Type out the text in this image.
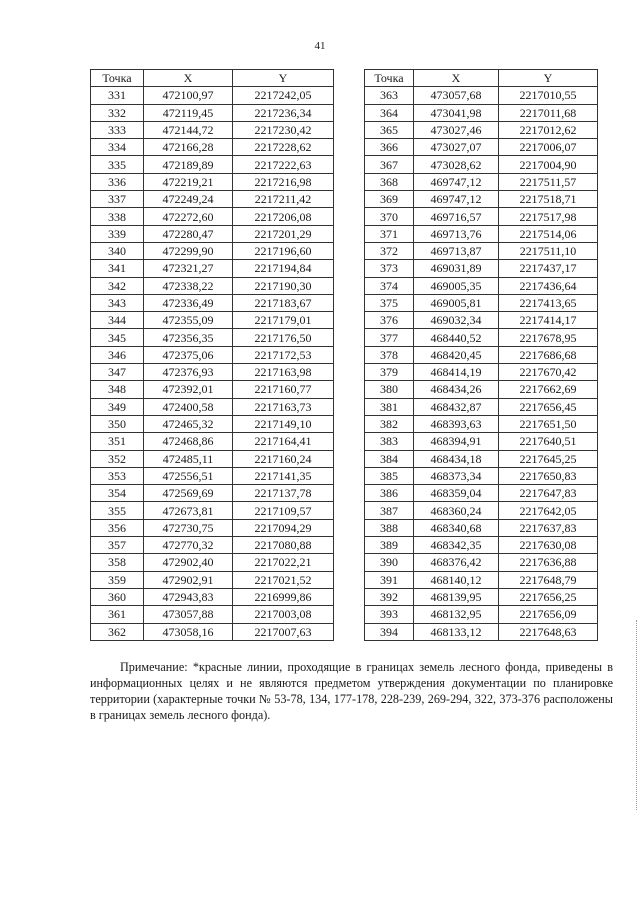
41
Точка	X	Y
331	472100,97	2217242,05
332	472119,45	2217236,34
333	472144,72	2217230,42
334	472166,28	2217228,62
335	472189,89	2217222,63
336	472219,21	2217216,98
337	472249,24	2217211,42
338	472272,60	2217206,08
339	472280,47	2217201,29
340	472299,90	2217196,60
341	472321,27	2217194,84
342	472338,22	2217190,30
343	472336,49	2217183,67
344	472355,09	2217179,01
345	472356,35	2217176,50
346	472375,06	2217172,53
347	472376,93	2217163,98
348	472392,01	2217160,77
349	472400,58	2217163,73
350	472465,32	2217149,10
351	472468,86	2217164,41
352	472485,11	2217160,24
353	472556,51	2217141,35
354	472569,69	2217137,78
355	472673,81	2217109,57
356	472730,75	2217094,29
357	472770,32	2217080,88
358	472902,40	2217022,21
359	472902,91	2217021,52
360	472943,83	2216999,86
361	473057,88	2217003,08
362	473058,16	2217007,63
Точка	X	Y
363	473057,68	2217010,55
364	473041,98	2217011,68
365	473027,46	2217012,62
366	473027,07	2217006,07
367	473028,62	2217004,90
368	469747,12	2217511,57
369	469747,12	2217518,71
370	469716,57	2217517,98
371	469713,76	2217514,06
372	469713,87	2217511,10
373	469031,89	2217437,17
374	469005,35	2217436,64
375	469005,81	2217413,65
376	469032,34	2217414,17
377	468440,52	2217678,95
378	468420,45	2217686,68
379	468414,19	2217670,42
380	468434,26	2217662,69
381	468432,87	2217656,45
382	468393,63	2217651,50
383	468394,91	2217640,51
384	468434,18	2217645,25
385	468373,34	2217650,83
386	468359,04	2217647,83
387	468360,24	2217642,05
388	468340,68	2217637,83
389	468342,35	2217630,08
390	468376,42	2217636,88
391	468140,12	2217648,79
392	468139,95	2217656,25
393	468132,95	2217656,09
394	468133,12	2217648,63

Примечание: *красные линии, проходящие в границах земель лесного фонда, приведены в информационных целях и не являются предметом утверждения документации по планировке территории (характерные точки № 53-78, 134, 177-178, 228-239, 269-294, 322, 373-376 расположены в границах земель лесного фонда).
